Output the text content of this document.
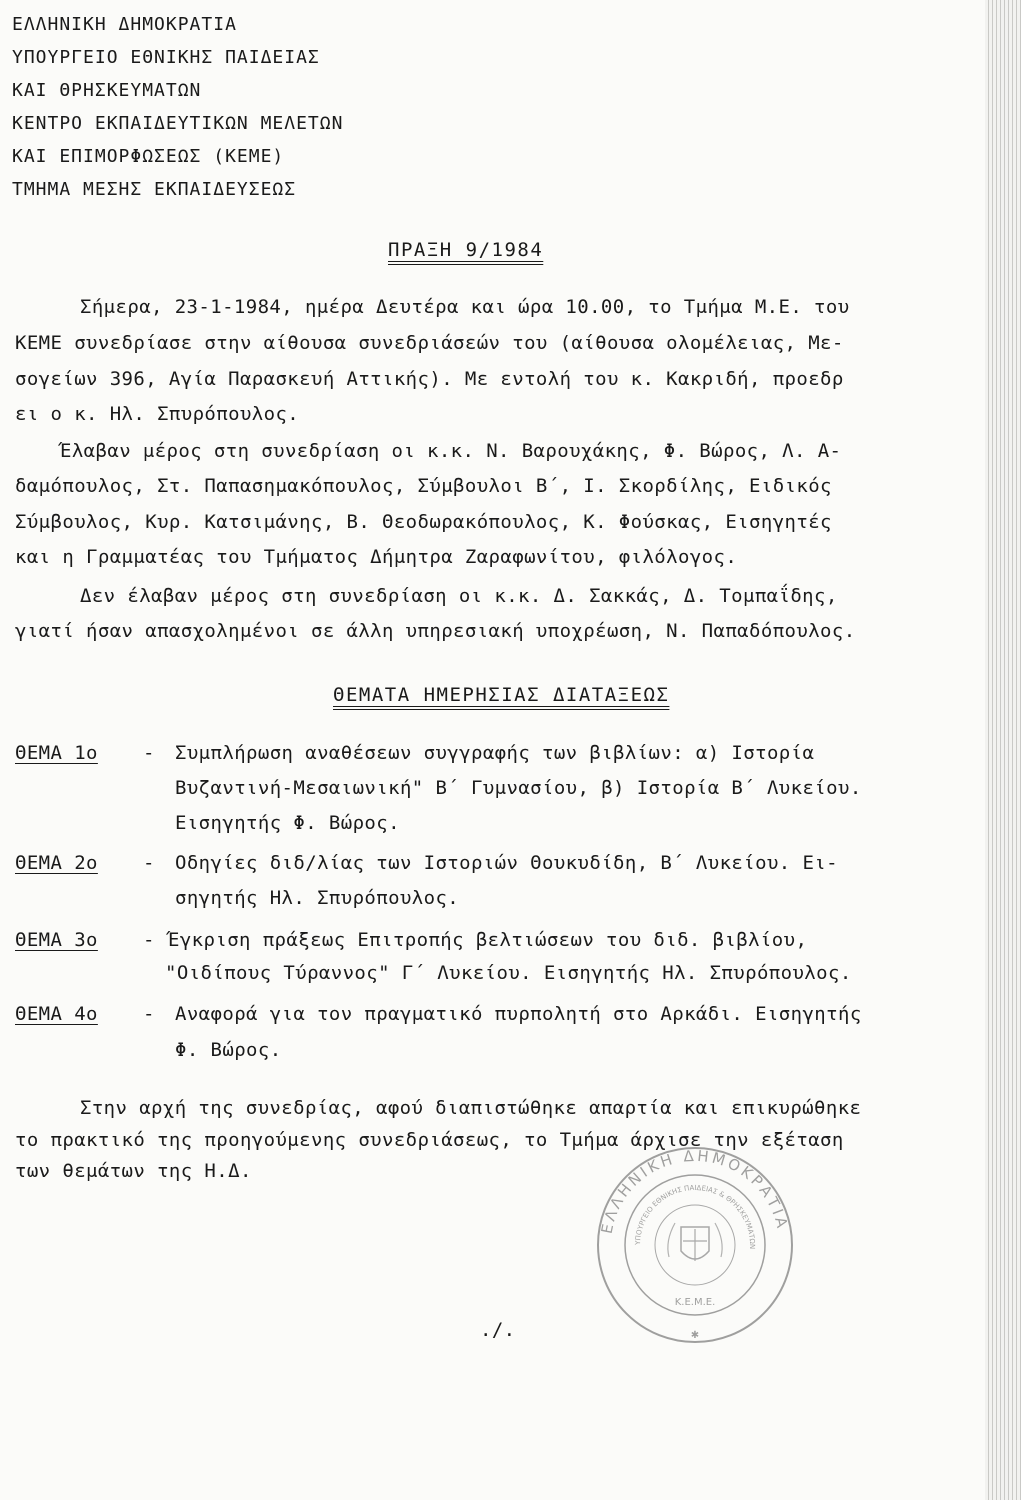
ΕΛΛΗΝΙΚΗ ΔΗΜΟΚΡΑΤΙΑ
ΥΠΟΥΡΓΕΙΟ ΕΘΝΙΚΗΣ ΠΑΙΔΕΙΑΣ
ΚΑΙ ΘΡΗΣΚΕΥΜΑΤΩΝ
ΚΕΝΤΡΟ ΕΚΠΑΙΔΕΥΤΙΚΩΝ ΜΕΛΕΤΩΝ
ΚΑΙ ΕΠΙΜΟΡΦΩΣΕΩΣ (ΚΕΜΕ)
ΤΜΗΜΑ ΜΕΣΗΣ ΕΚΠΑΙΔΕΥΣΕΩΣ
ΠΡΑΞΗ 9/1984
Σήμερα, 23-1-1984, ημέρα Δευτέρα και ώρα 10.00, το Τμήμα Μ.Ε. του
ΚΕΜΕ συνεδρίασε στην αίθουσα συνεδριάσεών του (αίθουσα ολομέλειας, Με-
σογείων 396, Αγία Παρασκευή Αττικής). Με εντολή του κ. Κακριδή, προεδρ
ει ο κ. Ηλ. Σπυρόπουλος.
Έλαβαν μέρος στη συνεδρίαση οι κ.κ. Ν. Βαρουχάκης, Φ. Βώρος, Λ. Α-
δαμόπουλος, Στ. Παπασημακόπουλος, Σύμβουλοι Β΄, Ι. Σκορδίλης, Ειδικός
Σύμβουλος, Κυρ. Κατσιμάνης, Β. Θεοδωρακόπουλος, Κ. Φούσκας, Εισηγητές
και η Γραμματέας του Τμήματος Δήμητρα Ζαραφωνίτου, φιλόλογος.
Δεν έλαβαν μέρος στη συνεδρίαση οι κ.κ. Δ. Σακκάς, Δ. Τομπαΐδης,
γιατί ήσαν απασχολημένοι σε άλλη υπηρεσιακή υποχρέωση, Ν. Παπαδόπουλος.
ΘΕΜΑΤΑ ΗΜΕΡΗΣΙΑΣ ΔΙΑΤΑΞΕΩΣ
ΘΕΜΑ 1ο - Συμπλήρωση αναθέσεων συγγραφής των βιβλίων: α) Ιστορία
Βυζαντινή-Μεσαιωνική" Β΄ Γυμνασίου, β) Ιστορία Β΄ Λυκείου.
Εισηγητής Φ. Βώρος.
ΘΕΜΑ 2ο - Οδηγίες διδ/λίας των Ιστοριών Θουκυδίδη, Β΄ Λυκείου. Ει-
σηγητής Ηλ. Σπυρόπουλος.
ΘΕΜΑ 3ο - Έγκριση πράξεως Επιτροπής βελτιώσεων του διδ. βιβλίου,
"Οιδίπους Τύραννος" Γ΄ Λυκείου. Εισηγητής Ηλ. Σπυρόπουλος.
ΘΕΜΑ 4ο - Αναφορά για τον πραγματικό πυρπολητή στο Αρκάδι. Εισηγητής
Φ. Βώρος.
Στην αρχή της συνεδρίας, αφού διαπιστώθηκε απαρτία και επικυρώθηκε
το πρακτικό της προηγούμενης συνεδριάσεως, το Τμήμα άρχισε την εξέταση
των θεμάτων της Η.Δ.
./.
ΕΛΛΗΝΙΚΗ ΔΗΜΟΚΡΑΤΙΑ
ΥΠΟΥΡΓΕΙΟ ΕΘΝΙΚΗΣ ΠΑΙΔΕΙΑΣ & ΘΡΗΣΚΕΥΜΑΤΩΝ
Κ.Ε.Μ.Ε.
✱
